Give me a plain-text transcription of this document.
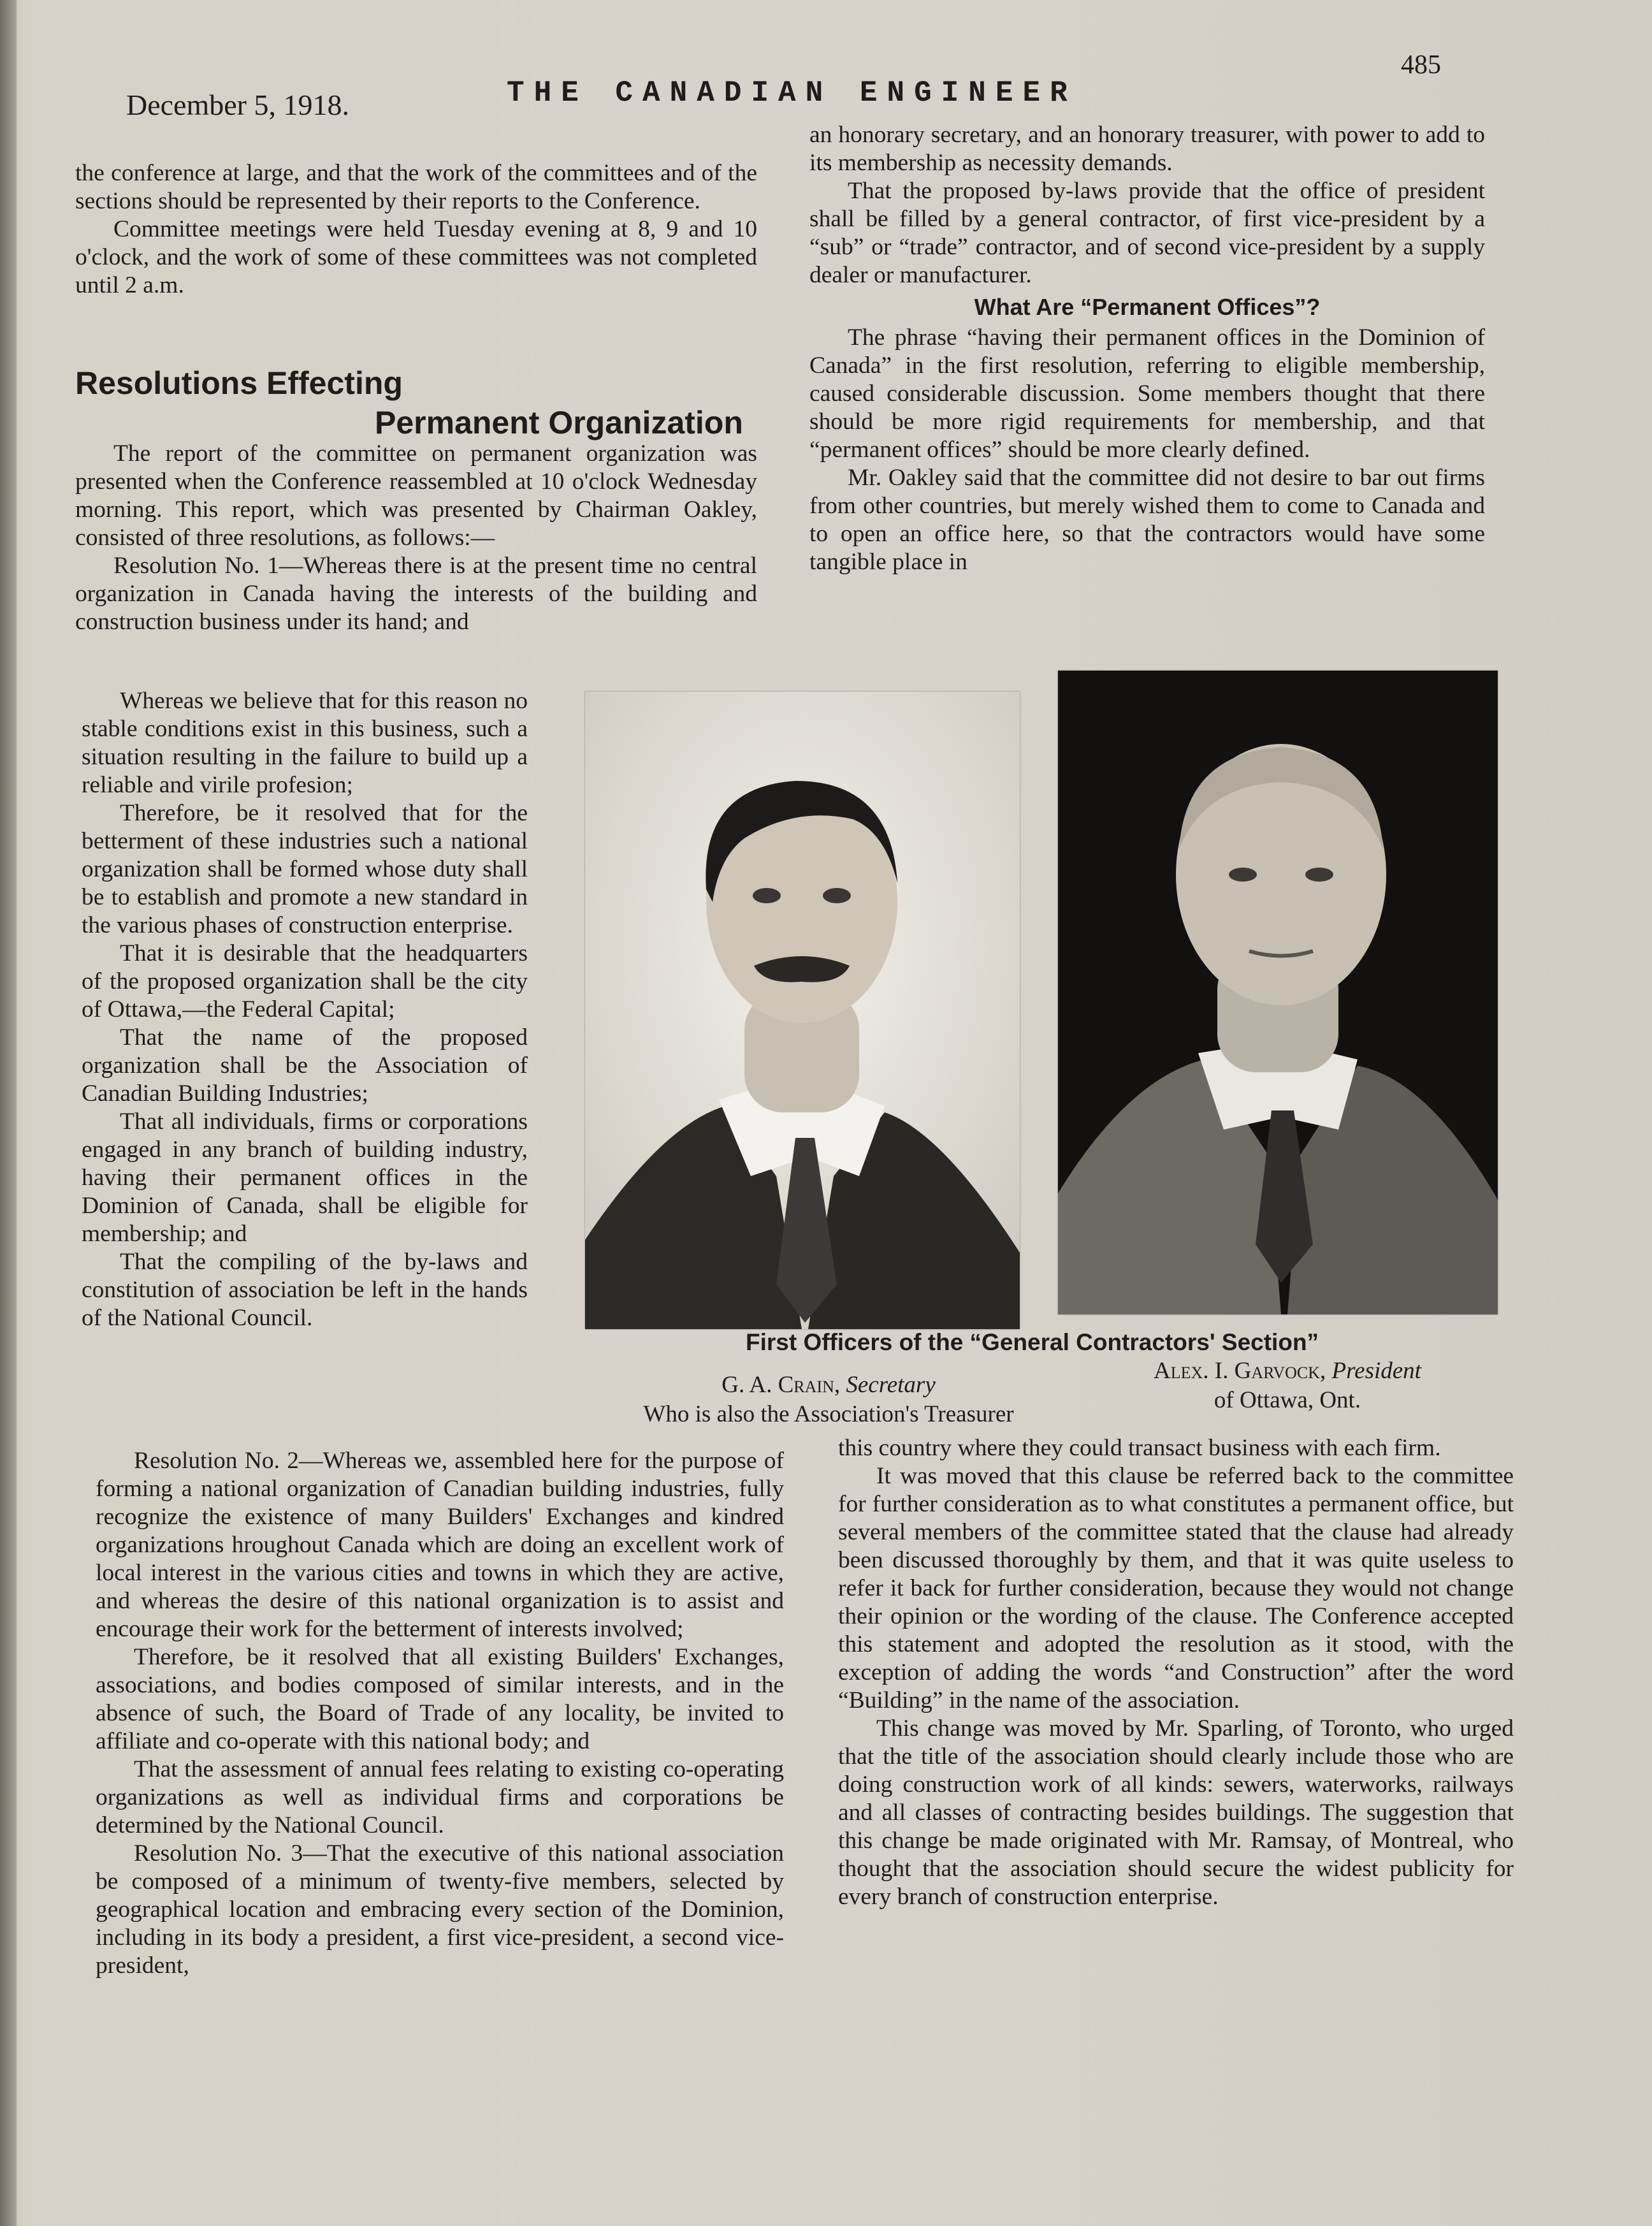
December 5, 1918.	THE CANADIAN ENGINEER
485

the conference at large, and that the work of the committees and of the sections should be represented by their reports to the Conference.

Committee meetings were held Tuesday evening at 8, 9 and 10 o'clock, and the work of some of these committees was not completed until 2 a.m.

Resolutions Effecting
Permanent Organization

The report of the committee on permanent organization was presented when the Conference reassembled at 10 o'clock Wednesday morning. This report, which was presented by Chairman Oakley, consisted of three resolutions, as follows:—

Resolution No. 1—Whereas there is at the present time no central organization in Canada having the interests of the building and construction business under its hand; and

Whereas we believe that for this reason no stable conditions exist in this business, such a situation resulting in the failure to build up a reliable and virile profesion;

Therefore, be it resolved that for the betterment of these industries such a national organization shall be formed whose duty shall be to establish and promote a new standard in the various phases of construction enterprise.

That it is desirable that the headquarters of the proposed organization shall be the city of Ottawa,—the Federal Capital;

That the name of the proposed organization shall be the Association of Canadian Building Industries;

That all individuals, firms or corporations engaged in any branch of building industry, having their permanent offices in the Dominion of Canada, shall be eligible for membership; and

That the compiling of the by-laws and constitution of association be left in the hands of the National Council.

Resolution No. 2—Whereas we, assembled here for the purpose of forming a national organization of Canadian building industries, fully recognize the existence of many Builders' Exchanges and kindred organizations hroughout Canada which are doing an excellent work of local interest in the various cities and towns in which they are active, and whereas the desire of this national organization is to assist and encourage their work for the betterment of interests involved;

Therefore, be it resolved that all existing Builders' Exchanges, associations, and bodies composed of similar interests, and in the absence of such, the Board of Trade of any locality, be invited to affiliate and co-operate with this national body; and

That the assessment of annual fees relating to existing co-operating organizations as well as individual firms and corporations be determined by the National Council.

Resolution No. 3—That the executive of this national association be composed of a minimum of twenty-five members, selected by geographical location and embracing every section of the Dominion, including in its body a president, a first vice-president, a second vice-president,

an honorary secretary, and an honorary treasurer, with power to add to its membership as necessity demands.

That the proposed by-laws provide that the office of president shall be filled by a general contractor, of first vice-president by a “sub” or “trade” contractor, and of second vice-president by a supply dealer or manufacturer.

What Are “Permanent Offices”?

The phrase “having their permanent offices in the Dominion of Canada” in the first resolution, referring to eligible membership, caused considerable discussion. Some members thought that there should be more rigid requirements for membership, and that “permanent offices” should be more clearly defined.

Mr. Oakley said that the committee did not desire to bar out firms from other countries, but merely wished them to come to Canada and to open an office here, so that the contractors would have some tangible place in

First Officers of the “General Contractors' Section”
G. A. Crain, Secretary
Who is also the Association's Treasurer
Alex. I. Garvock, President
of Ottawa, Ont.

this country where they could transact business with each firm.

It was moved that this clause be referred back to the committee for further consideration as to what constitutes a permanent office, but several members of the committee stated that the clause had already been discussed thoroughly by them, and that it was quite useless to refer it back for further consideration, because they would not change their opinion or the wording of the clause. The Conference accepted this statement and adopted the resolution as it stood, with the exception of adding the words “and Construction” after the word “Building” in the name of the association.

This change was moved by Mr. Sparling, of Toronto, who urged that the title of the association should clearly include those who are doing construction work of all kinds: sewers, waterworks, railways and all classes of contracting besides buildings. The suggestion that this change be made originated with Mr. Ramsay, of Montreal, who thought that the association should secure the widest publicity for every branch of construction enterprise.
